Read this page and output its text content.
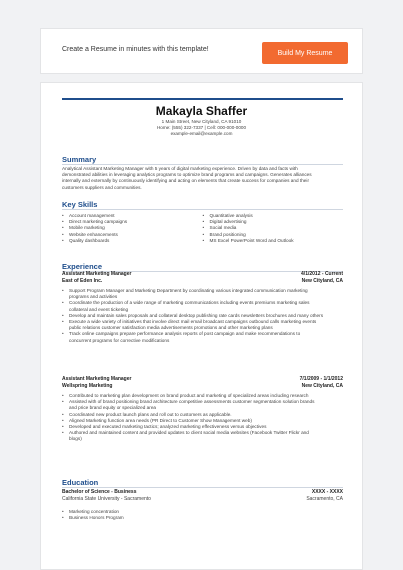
Create a Resume in minutes with this template!	Build My Resume
Makayla Shaffer
1 Main Street, New Cityland, CA 91010
Home: (555) 322-7337 | Cell: 000-000-0000
example-email@example.com
Summary
Analytical Assistant Marketing Manager with 5 years of digital marketing experience. Driven by data and facts with
demonstrated abilities in leveraging analytics programs to optimize brand programs and campaigns. Generates alliances
internally and externally by continuously identifying and acting on elements that create success for companies and their
customers suppliers and communities.
Key Skills
• Account management
• Direct marketing campaigns
• Mobile marketing
• Website enhancements
• Quality dashboards
• Quantitative analysis
• Digital advertising
• Social media
• Brand positioning
• MS Excel PowerPoint Word and Outlook
Experience
Assistant Marketing Manager	4/1/2012 - Current
East of Eden Inc.	New Cityland, CA
• Support Program Manager and Marketing Department by coordinating various integrated communication marketing
programs and activities
• Coordinate the production of a wide range of marketing communications including events premiums marketing sales
collateral and event ticketing
• Develop and maintain sales proposals and collateral desktop publishing rate cards newsletters brochures and many others
• Execute a wide variety of initiatives that involve direct mail email broadcast campaigns outbound calls marketing events
public relations customer satisfaction media advertisements promotions and other marketing plans
• Track online campaigns prepare performance analysis reports of post campaign and make recommendations to
concurrent programs for corrective modifications
Assistant Marketing Manager	7/1/2009 - 1/1/2012
Wellspring Marketing	New Cityland, CA
• Contributed to marketing plan development on brand product and marketing of specialized areas including research
• Assisted with of brand positioning brand architecture competitive assessments customer segmentation solution brands
and price brand equity or specialized area
• Coordinated new product launch plans and roll out to customers as applicable.
• Aligned Marketing function area needs (PR Direct to Customer Show Management web)
• Developed and executed marketing tactics; analyzed marketing effectiveness versus objectives
• Authored and maintained content and provided updates to client social media websites (Facebook Twitter Flickr and
blogs)
Education
Bachelor of Science - Business	XXXX - XXXX
California State University - Sacramento	Sacramento, CA
• Marketing concentration
• Business Honors Program
